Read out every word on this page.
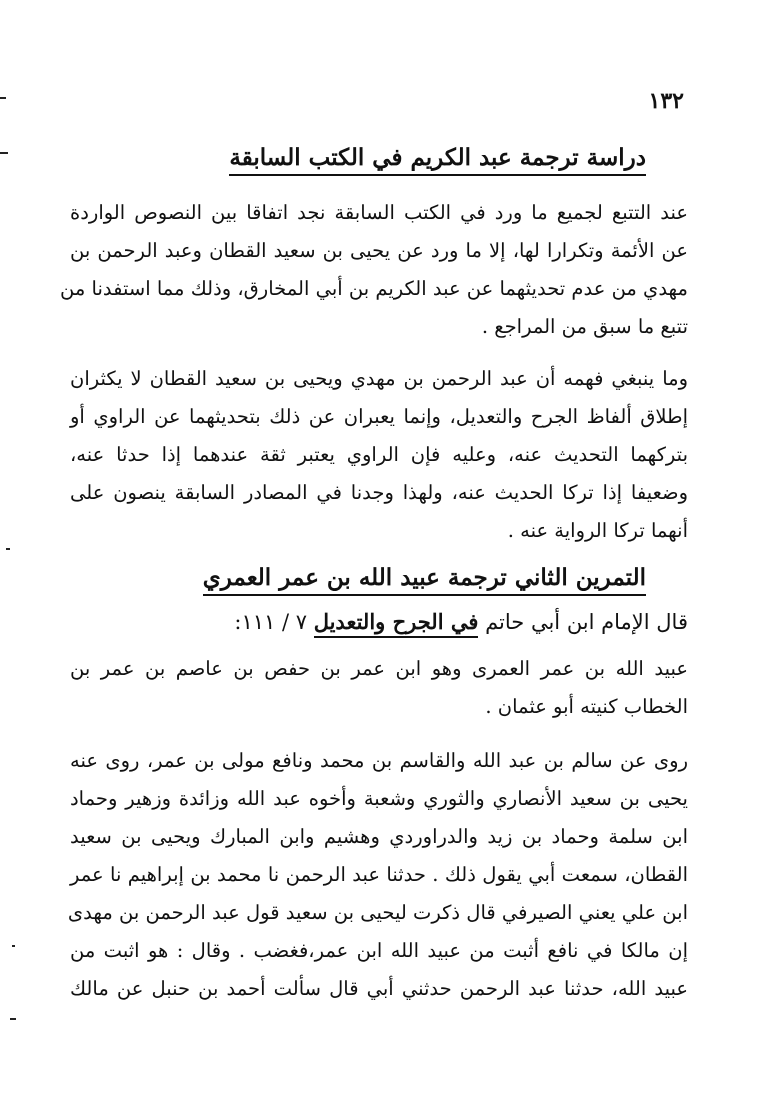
١٣٢
دراسة ترجمة عبد الكريم في الكتب السابقة
عند التتبع لجميع ما ورد في الكتب السابقة نجد اتفاقا بين النصوص الواردة
عن الأئمة وتكرارا لها، إلا ما ورد عن يحيى بن سعيد القطان وعبد الرحمن بن
مهدي من عدم تحديثهما عن عبد الكريم بن أبي المخارق، وذلك مما استفدنا من
تتبع ما سبق من المراجع .
وما ينبغي فهمه أن عبد الرحمن بن مهدي ويحيى بن سعيد القطان لا يكثران
إطلاق ألفاظ الجرح والتعديل، وإنما يعبران عن ذلك بتحديثهما عن الراوي أو
بتركهما التحديث عنه، وعليه فإن الراوي يعتبر ثقة عندهما إذا حدثا عنه،
وضعيفا إذا تركا الحديث عنه، ولهذا وجدنا في المصادر السابقة ينصون على
أنهما تركا الرواية عنه .
التمرين الثاني ترجمة عبيد الله بن عمر العمري
قال الإمام ابن أبي حاتم في الجرح والتعديل ٧ / ١١١:
عبيد الله بن عمر العمرى وهو ابن عمر بن حفص بن عاصم بن عمر بن
الخطاب كنيته أبو عثمان .
روى عن سالم بن عبد الله والقاسم بن محمد ونافع مولى بن عمر، روى عنه
يحيى بن سعيد الأنصاري والثوري وشعبة وأخوه عبد الله وزائدة وزهير وحماد
ابن سلمة وحماد بن زيد والدراوردي وهشيم وابن المبارك ويحيى بن سعيد
القطان، سمعت أبي يقول ذلك . حدثنا عبد الرحمن نا محمد بن إبراهيم نا عمر
ابن علي يعني الصيرفي قال ذكرت ليحيى بن سعيد قول عبد الرحمن بن مهدى
إن مالكا في نافع أثبت من عبيد الله ابن عمر،فغضب . وقال : هو اثبت من
عبيد الله، حدثنا عبد الرحمن حدثني أبي قال سألت أحمد بن حنبل عن مالك
